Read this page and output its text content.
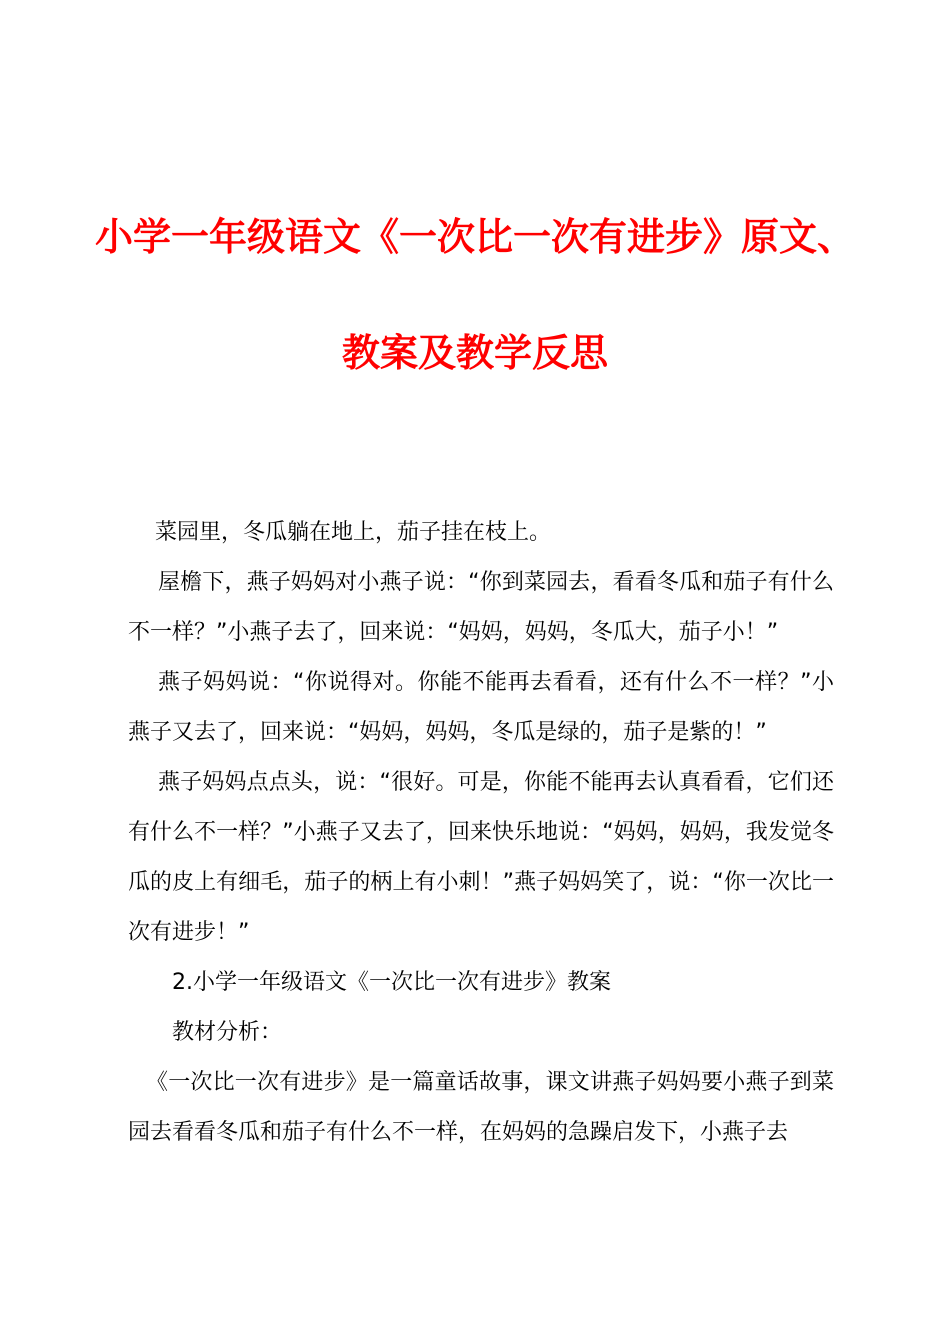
小学一年级语文《一次比一次有进步》原文、
教案及教学反思

菜园里，冬瓜躺在地上，茄子挂在枝上。

屋檐下，燕子妈妈对小燕子说：“你到菜园去，看看冬瓜和茄子有什么不一样？”小燕子去了，回来说：“妈妈，妈妈，冬瓜大，茄子小！”

燕子妈妈说：“你说得对。你能不能再去看看，还有什么不一样？”小燕子又去了，回来说：“妈妈，妈妈，冬瓜是绿的，茄子是紫的！”

燕子妈妈点点头，说：“很好。可是，你能不能再去认真看看，它们还有什么不一样？”小燕子又去了，回来快乐地说：“妈妈，妈妈，我发觉冬瓜的皮上有细毛，茄子的柄上有小刺！”燕子妈妈笑了，说：“你一次比一次有进步！”

2.小学一年级语文《一次比一次有进步》教案

教材分析：

《一次比一次有进步》是一篇童话故事，课文讲燕子妈妈要小燕子到菜园去看看冬瓜和茄子有什么不一样，在妈妈的急躁启发下，小燕子去
